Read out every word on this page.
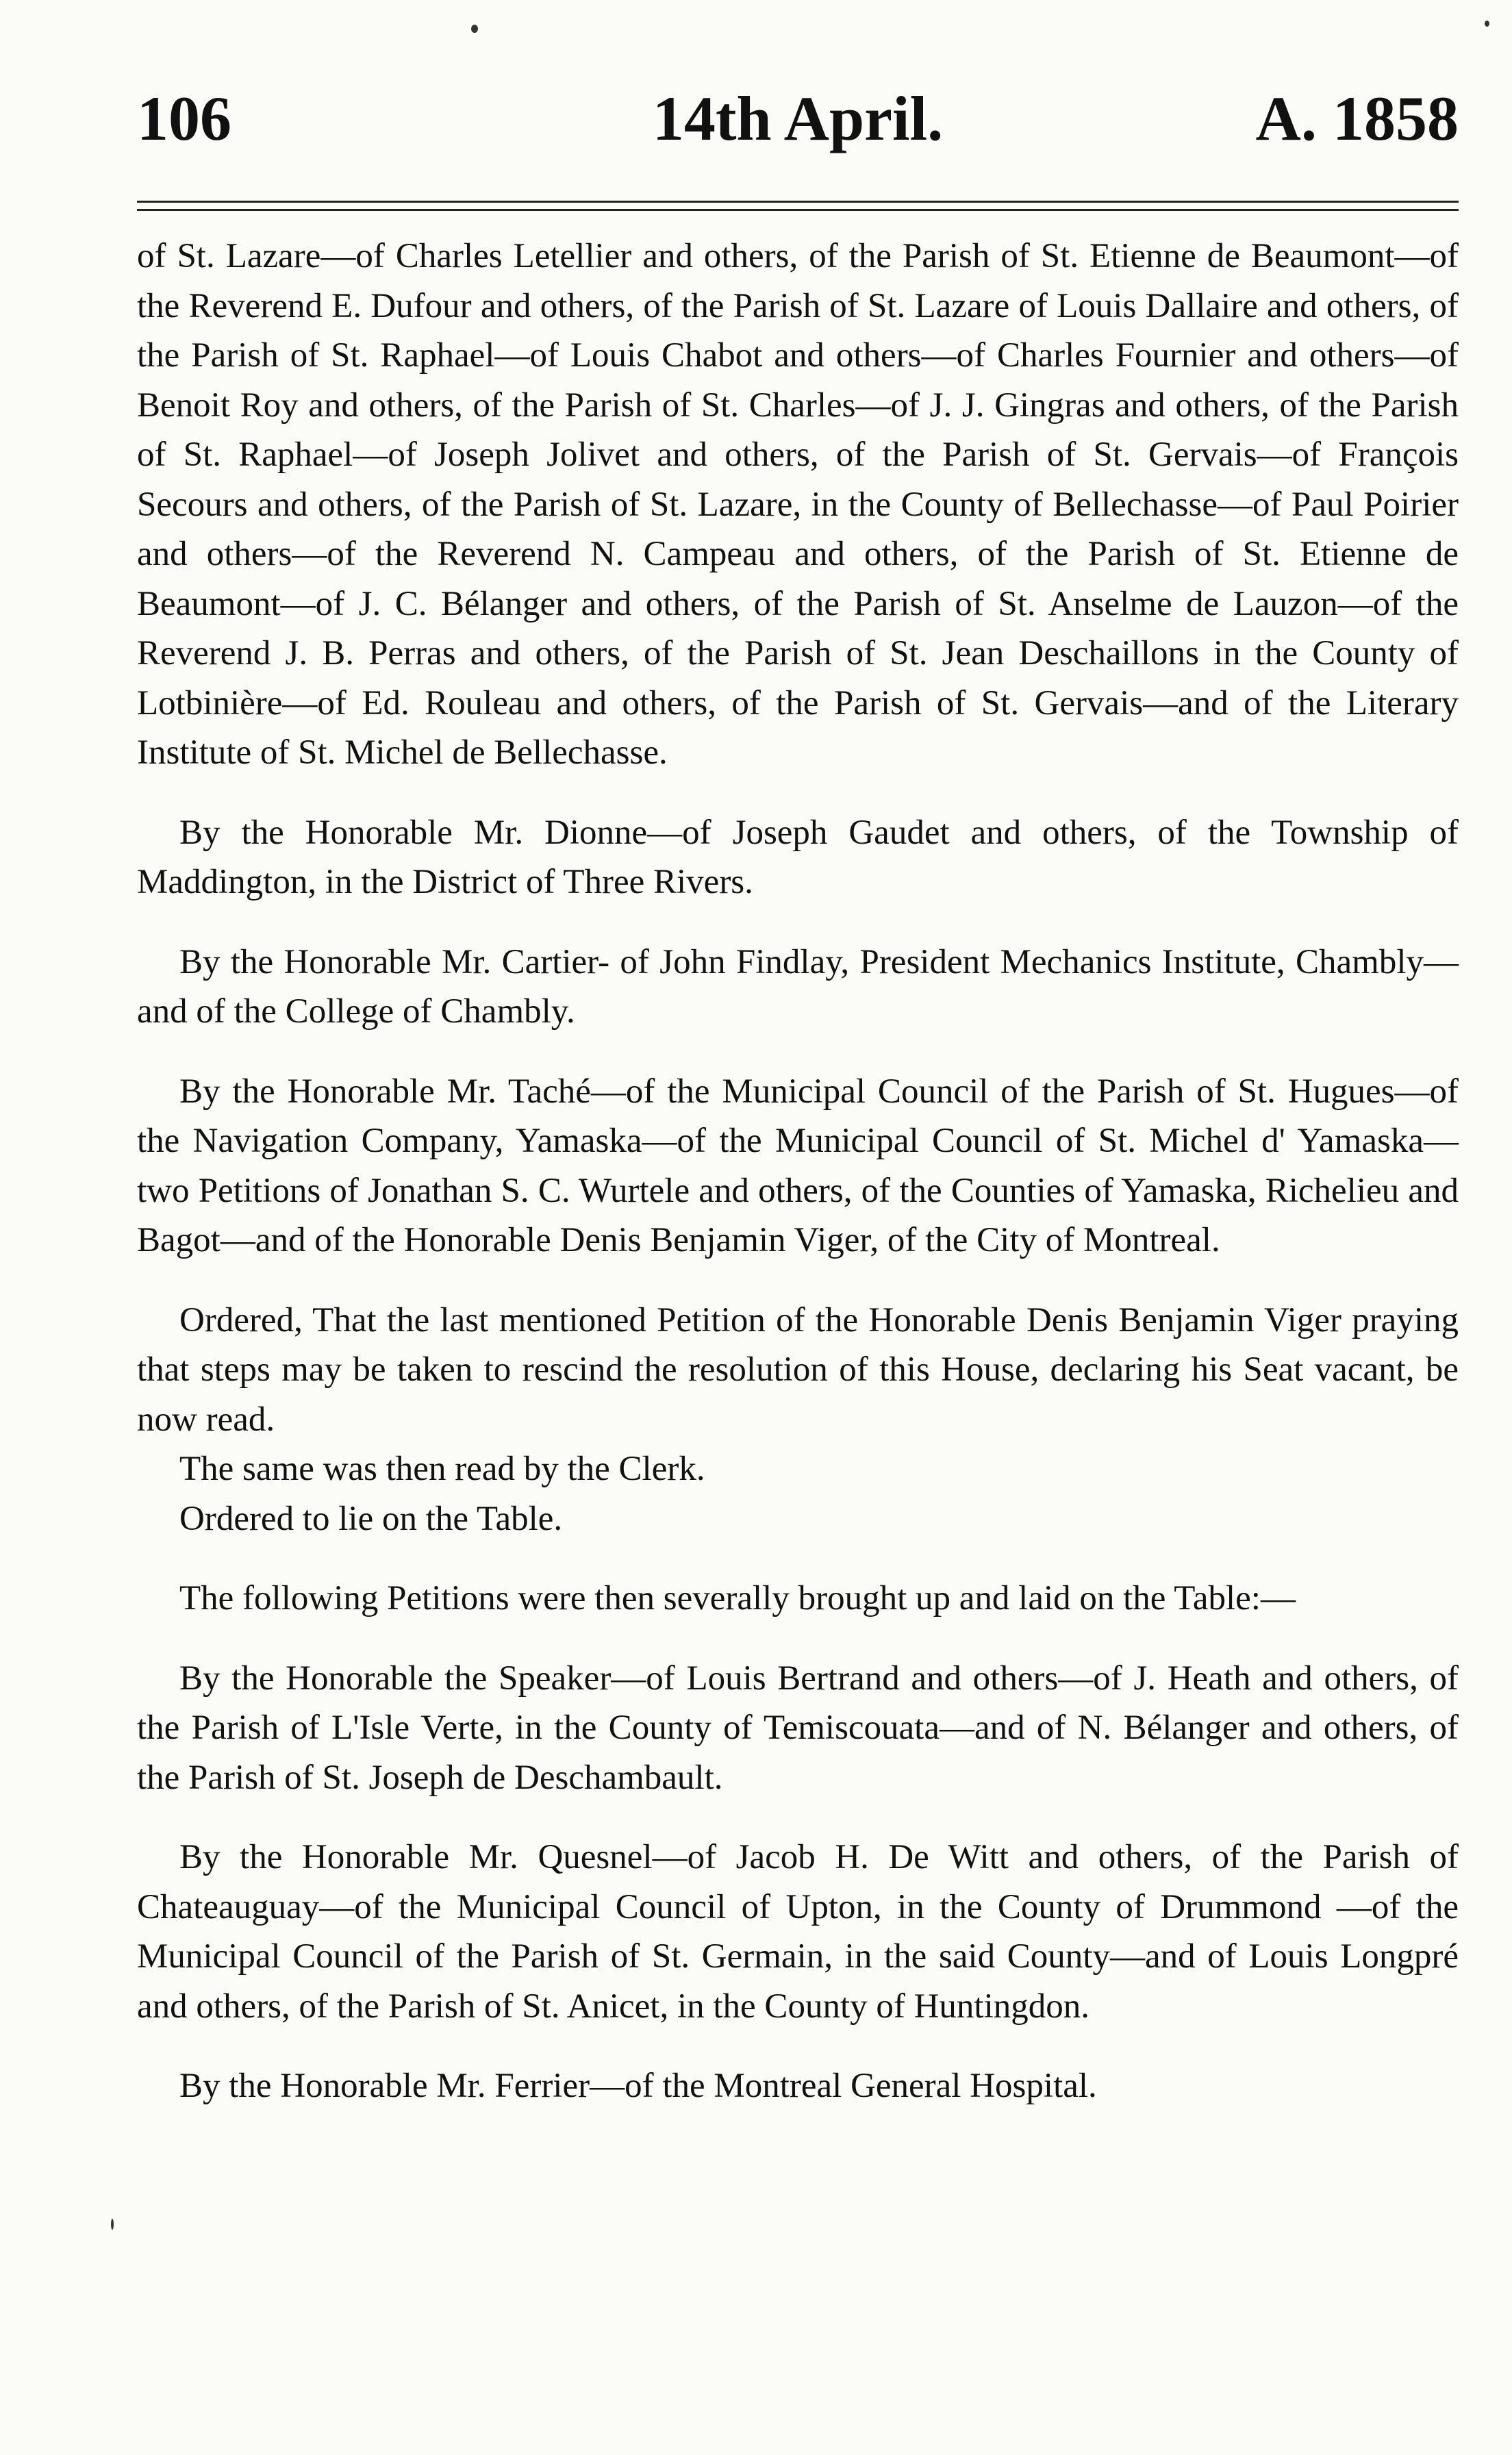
106	14th April.	A. 1858

of St. Lazare—of Charles Letellier and others, of the Parish of St. Etienne de Beaumont—of the Reverend E. Dufour and others, of the Parish of St. Lazare of Louis Dallaire and others, of the Parish of St. Raphael—of Louis Chabot and others—of Charles Fournier and others—of Benoit Roy and others, of the Parish of St. Charles—of J. J. Gingras and others, of the Parish of St. Raphael—of Joseph Jolivet and others, of the Parish of St. Gervais—of François Secours and others, of the Parish of St. Lazare, in the County of Bellechasse—of Paul Poirier and others—of the Reverend N. Campeau and others, of the Parish of St. Etienne de Beaumont—of J. C. Bélanger and others, of the Parish of St. Anselme de Lauzon—of the Reverend J. B. Perras and others, of the Parish of St. Jean Deschaillons in the County of Lotbinière—of Ed. Rouleau and others, of the Parish of St. Gervais—and of the Literary Institute of St. Michel de Bellechasse.

By the Honorable Mr. Dionne—of Joseph Gaudet and others, of the Township of Maddington, in the District of Three Rivers.

By the Honorable Mr. Cartier- of John Findlay, President Mechanics Institute, Chambly—and of the College of Chambly.

By the Honorable Mr. Taché—of the Municipal Council of the Parish of St. Hugues—of the Navigation Company, Yamaska—of the Municipal Council of St. Michel d' Yamaska—two Petitions of Jonathan S. C. Wurtele and others, of the Counties of Yamaska, Richelieu and Bagot—and of the Honorable Denis Benjamin Viger, of the City of Montreal.

Ordered, That the last mentioned Petition of the Honorable Denis Benjamin Viger praying that steps may be taken to rescind the resolution of this House, declaring his Seat vacant, be now read.

The same was then read by the Clerk.

Ordered to lie on the Table.

The following Petitions were then severally brought up and laid on the Table:—

By the Honorable the Speaker—of Louis Bertrand and others—of J. Heath and others, of the Parish of L'Isle Verte, in the County of Temiscouata—and of N. Bélanger and others, of the Parish of St. Joseph de Deschambault.

By the Honorable Mr. Quesnel—of Jacob H. De Witt and others, of the Parish of Chateauguay—of the Municipal Council of Upton, in the County of Drummond —of the Municipal Council of the Parish of St. Germain, in the said County—and of Louis Longpré and others, of the Parish of St. Anicet, in the County of Huntingdon.

By the Honorable Mr. Ferrier—of the Montreal General Hospital.
